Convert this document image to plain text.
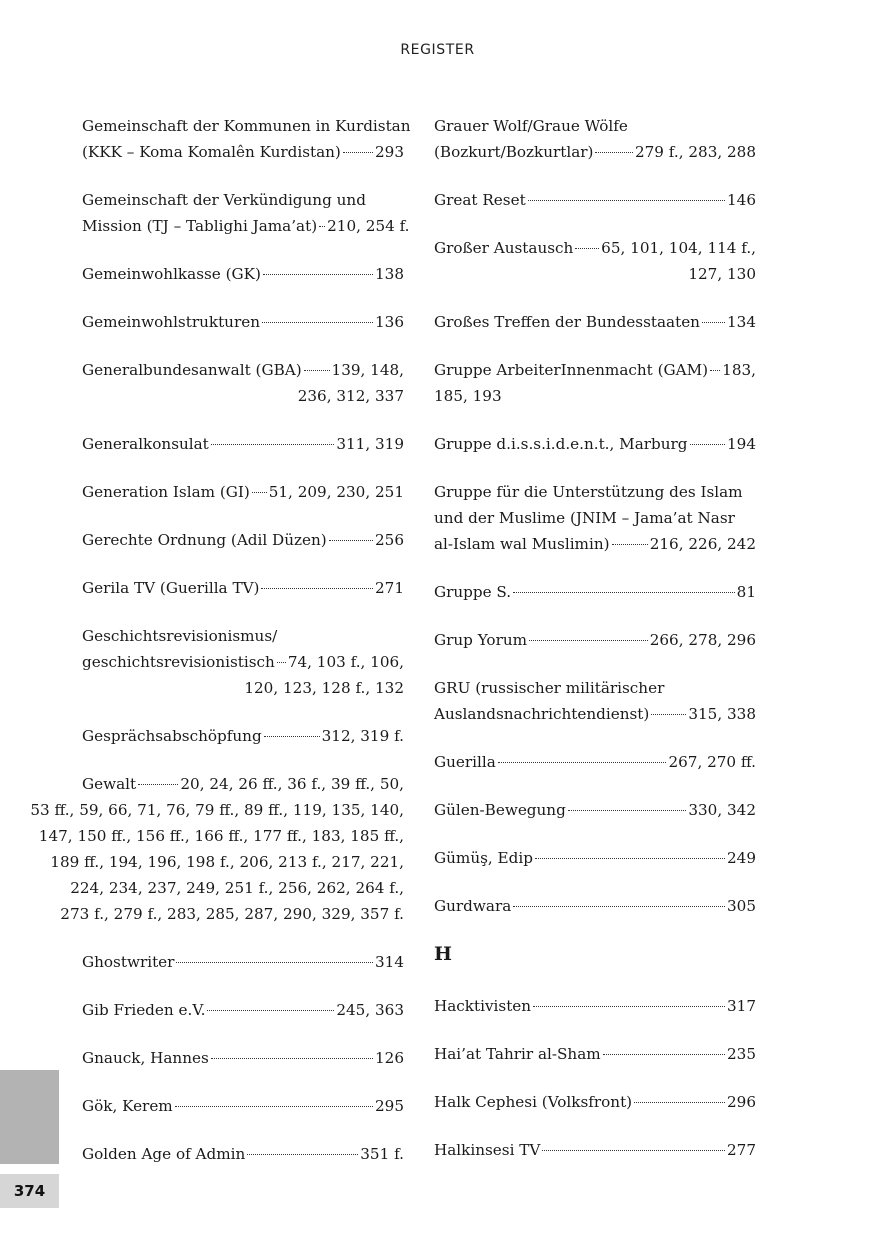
REGISTER
Gemeinschaft der Kommunen in Kurdistan
(KKK – Koma Komalên Kurdistan) 293
Gemeinschaft der Verkündigung und
Mission (TJ – Tablighi Jama’at) 210, 254 f.
Gemeinwohlkasse (GK)	138
Gemeinwohlstrukturen	136
Generalbundesanwalt (GBA) 139, 148,
236, 312, 337
Generalkonsulat	311, 319
Generation Islam (GI) 51, 209, 230, 251
Gerechte Ordnung (Adil Düzen)	256
Gerila TV (Guerilla TV)	271
Geschichtsrevisionismus/
geschichtsrevisionistisch 74, 103 f., 106,
120, 123, 128 f., 132
Gesprächsabschöpfung	312, 319 f.
Gewalt	20, 24, 26 ff., 36 f., 39 ff., 50,
53 ff., 59, 66, 71, 76, 79 ff., 89 ff., 119, 135, 140,
147, 150 ff., 156 ff., 166 ff., 177 ff., 183, 185 ff.,
189 ff., 194, 196, 198 f., 206, 213 f., 217, 221,
224, 234, 237, 249, 251 f., 256, 262, 264 f.,
273 f., 279 f., 283, 285, 287, 290, 329, 357 f.
Ghostwriter	314
Gib Frieden e.V.	245, 363
Gnauck, Hannes	126
Gök, Kerem	295
Golden Age of Admin	351 f.
Grauer Wolf/Graue Wölfe
(Bozkurt/Bozkurtlar)	279 f., 283, 288
Great Reset	146
Großer Austausch 65, 101, 104, 114 f.,
127, 130
Großes Treffen der Bundesstaaten 134
Gruppe ArbeiterInnenmacht (GAM) 183,
185, 193
Gruppe d.i.s.s.i.d.e.n.t., Marburg	194
Gruppe für die Unterstützung des Islam
und der Muslime (JNIM – Jama’at Nasr
al-Islam wal Muslimin)	216, 226, 242
Gruppe S.	81
Grup Yorum	266, 278, 296
GRU (russischer militärischer
Auslandsnachrichtendienst)	315, 338
Guerilla	267, 270 ff.
Gülen-Bewegung	330, 342
Gümüş, Edip	249
Gurdwara	305
H
Hacktivisten	317
Hai’at Tahrir al-Sham	235
Halk Cephesi (Volksfront)	296
Halkinsesi TV	277
374
